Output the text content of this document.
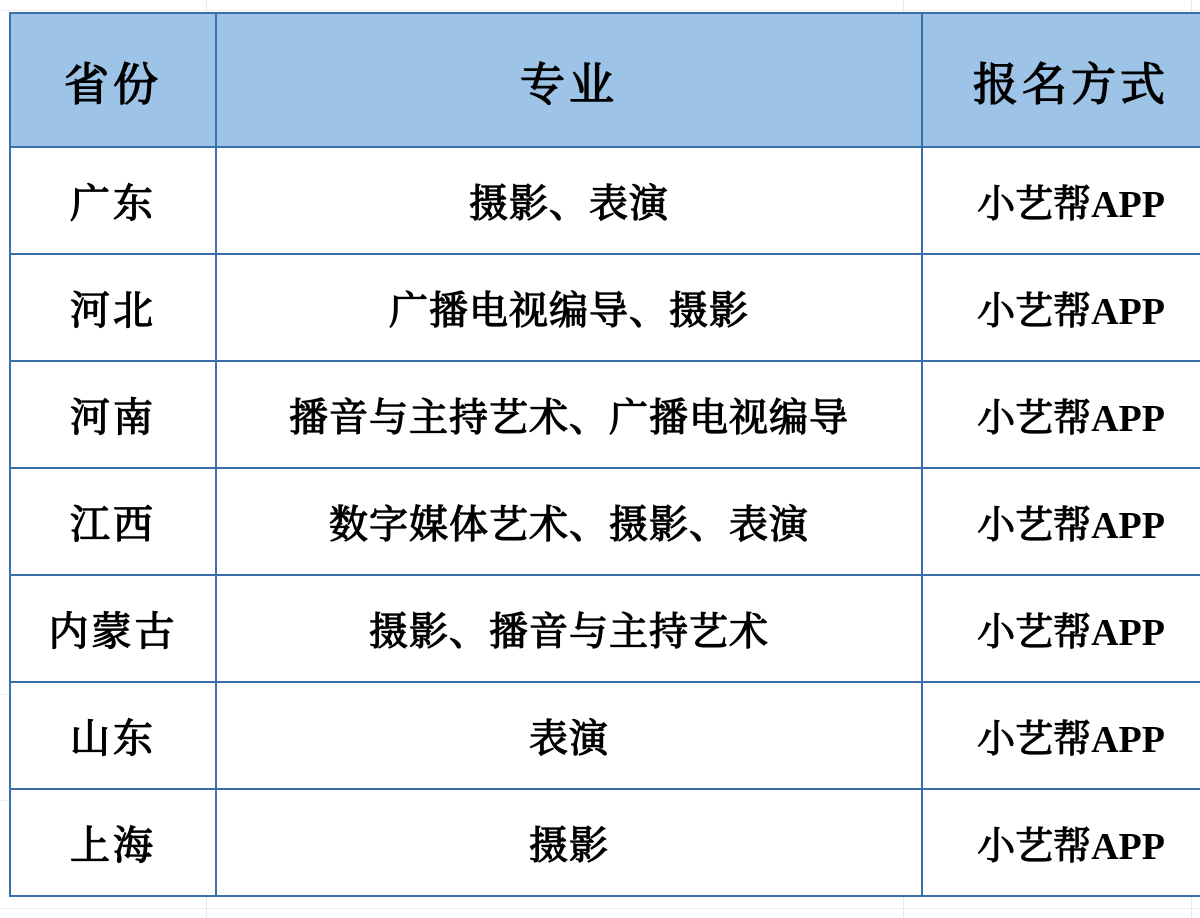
省份	专业	报名方式
广东	摄影、表演	小艺帮APP
河北	广播电视编导、摄影	小艺帮APP
河南	播音与主持艺术、广播电视编导	小艺帮APP
江西	数字媒体艺术、摄影、表演	小艺帮APP
内蒙古	摄影、播音与主持艺术	小艺帮APP
山东	表演	小艺帮APP
上海	摄影	小艺帮APP
